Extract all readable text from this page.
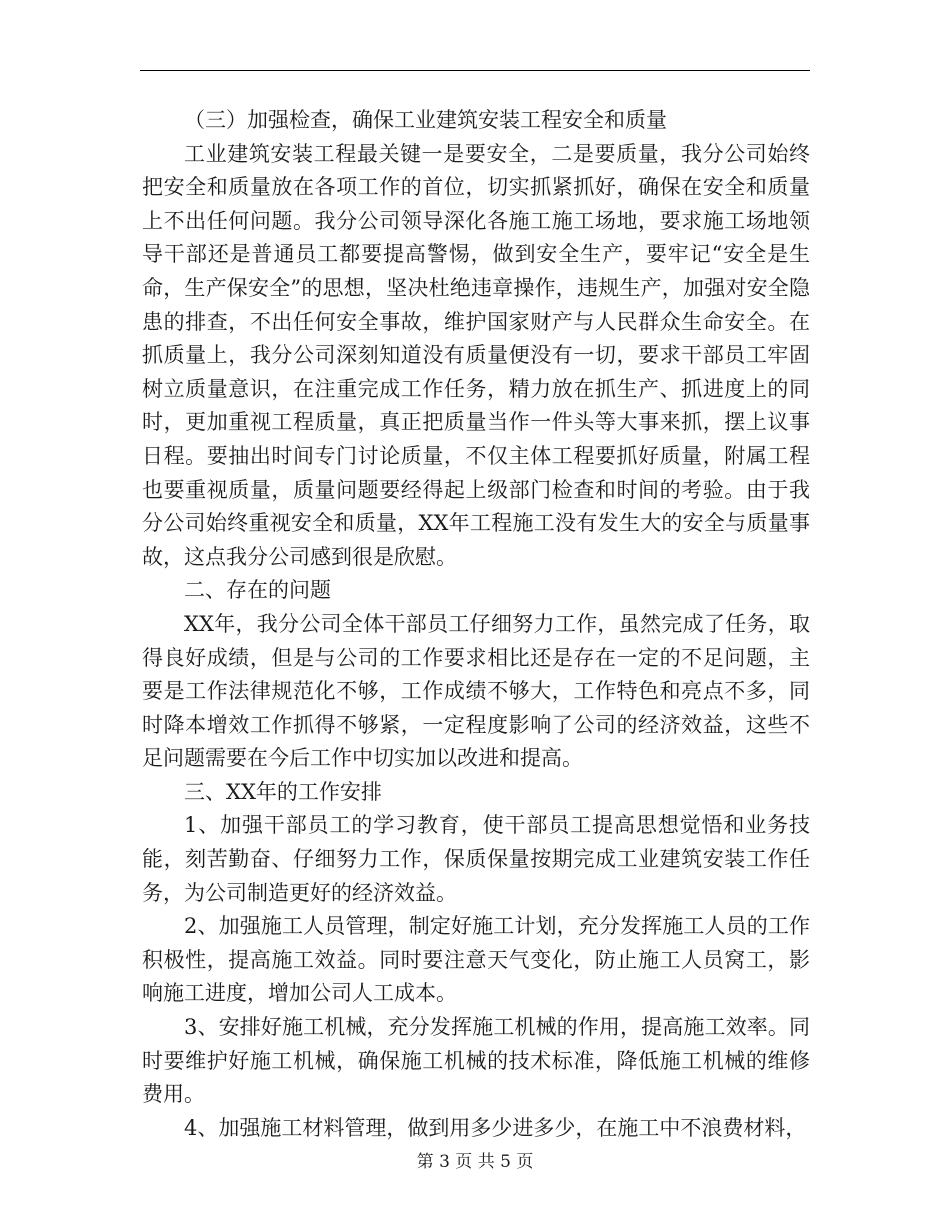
（三）加强检查，确保工业建筑安装工程安全和质量

工业建筑安装工程最关键一是要安全，二是要质量，我分公司始终把安全和质量放在各项工作的首位，切实抓紧抓好，确保在安全和质量上不出任何问题。我分公司领导深化各施工施工场地，要求施工场地领导干部还是普通员工都要提高警惕，做到安全生产，要牢记“安全是生命，生产保安全”的思想，坚决杜绝违章操作，违规生产，加强对安全隐患的排查，不出任何安全事故，维护国家财产与人民群众生命安全。在抓质量上，我分公司深刻知道没有质量便没有一切，要求干部员工牢固树立质量意识，在注重完成工作任务，精力放在抓生产、抓进度上的同时，更加重视工程质量，真正把质量当作一件头等大事来抓，摆上议事日程。要抽出时间专门讨论质量，不仅主体工程要抓好质量，附属工程也要重视质量，质量问题要经得起上级部门检查和时间的考验。由于我分公司始终重视安全和质量，XX年工程施工没有发生大的安全与质量事故，这点我分公司感到很是欣慰。

二、存在的问题

XX年，我分公司全体干部员工仔细努力工作，虽然完成了任务，取得良好成绩，但是与公司的工作要求相比还是存在一定的不足问题，主要是工作法律规范化不够，工作成绩不够大，工作特色和亮点不多，同时降本增效工作抓得不够紧，一定程度影响了公司的经济效益，这些不足问题需要在今后工作中切实加以改进和提高。

三、XX年的工作安排

1、加强干部员工的学习教育，使干部员工提高思想觉悟和业务技能，刻苦勤奋、仔细努力工作，保质保量按期完成工业建筑安装工作任务，为公司制造更好的经济效益。

2、加强施工人员管理，制定好施工计划，充分发挥施工人员的工作积极性，提高施工效益。同时要注意天气变化，防止施工人员窝工，影响施工进度，增加公司人工成本。

3、安排好施工机械，充分发挥施工机械的作用，提高施工效率。同时要维护好施工机械，确保施工机械的技术标准，降低施工机械的维修费用。

4、加强施工材料管理，做到用多少进多少，在施工中不浪费材料，

第 3 页 共 5 页
